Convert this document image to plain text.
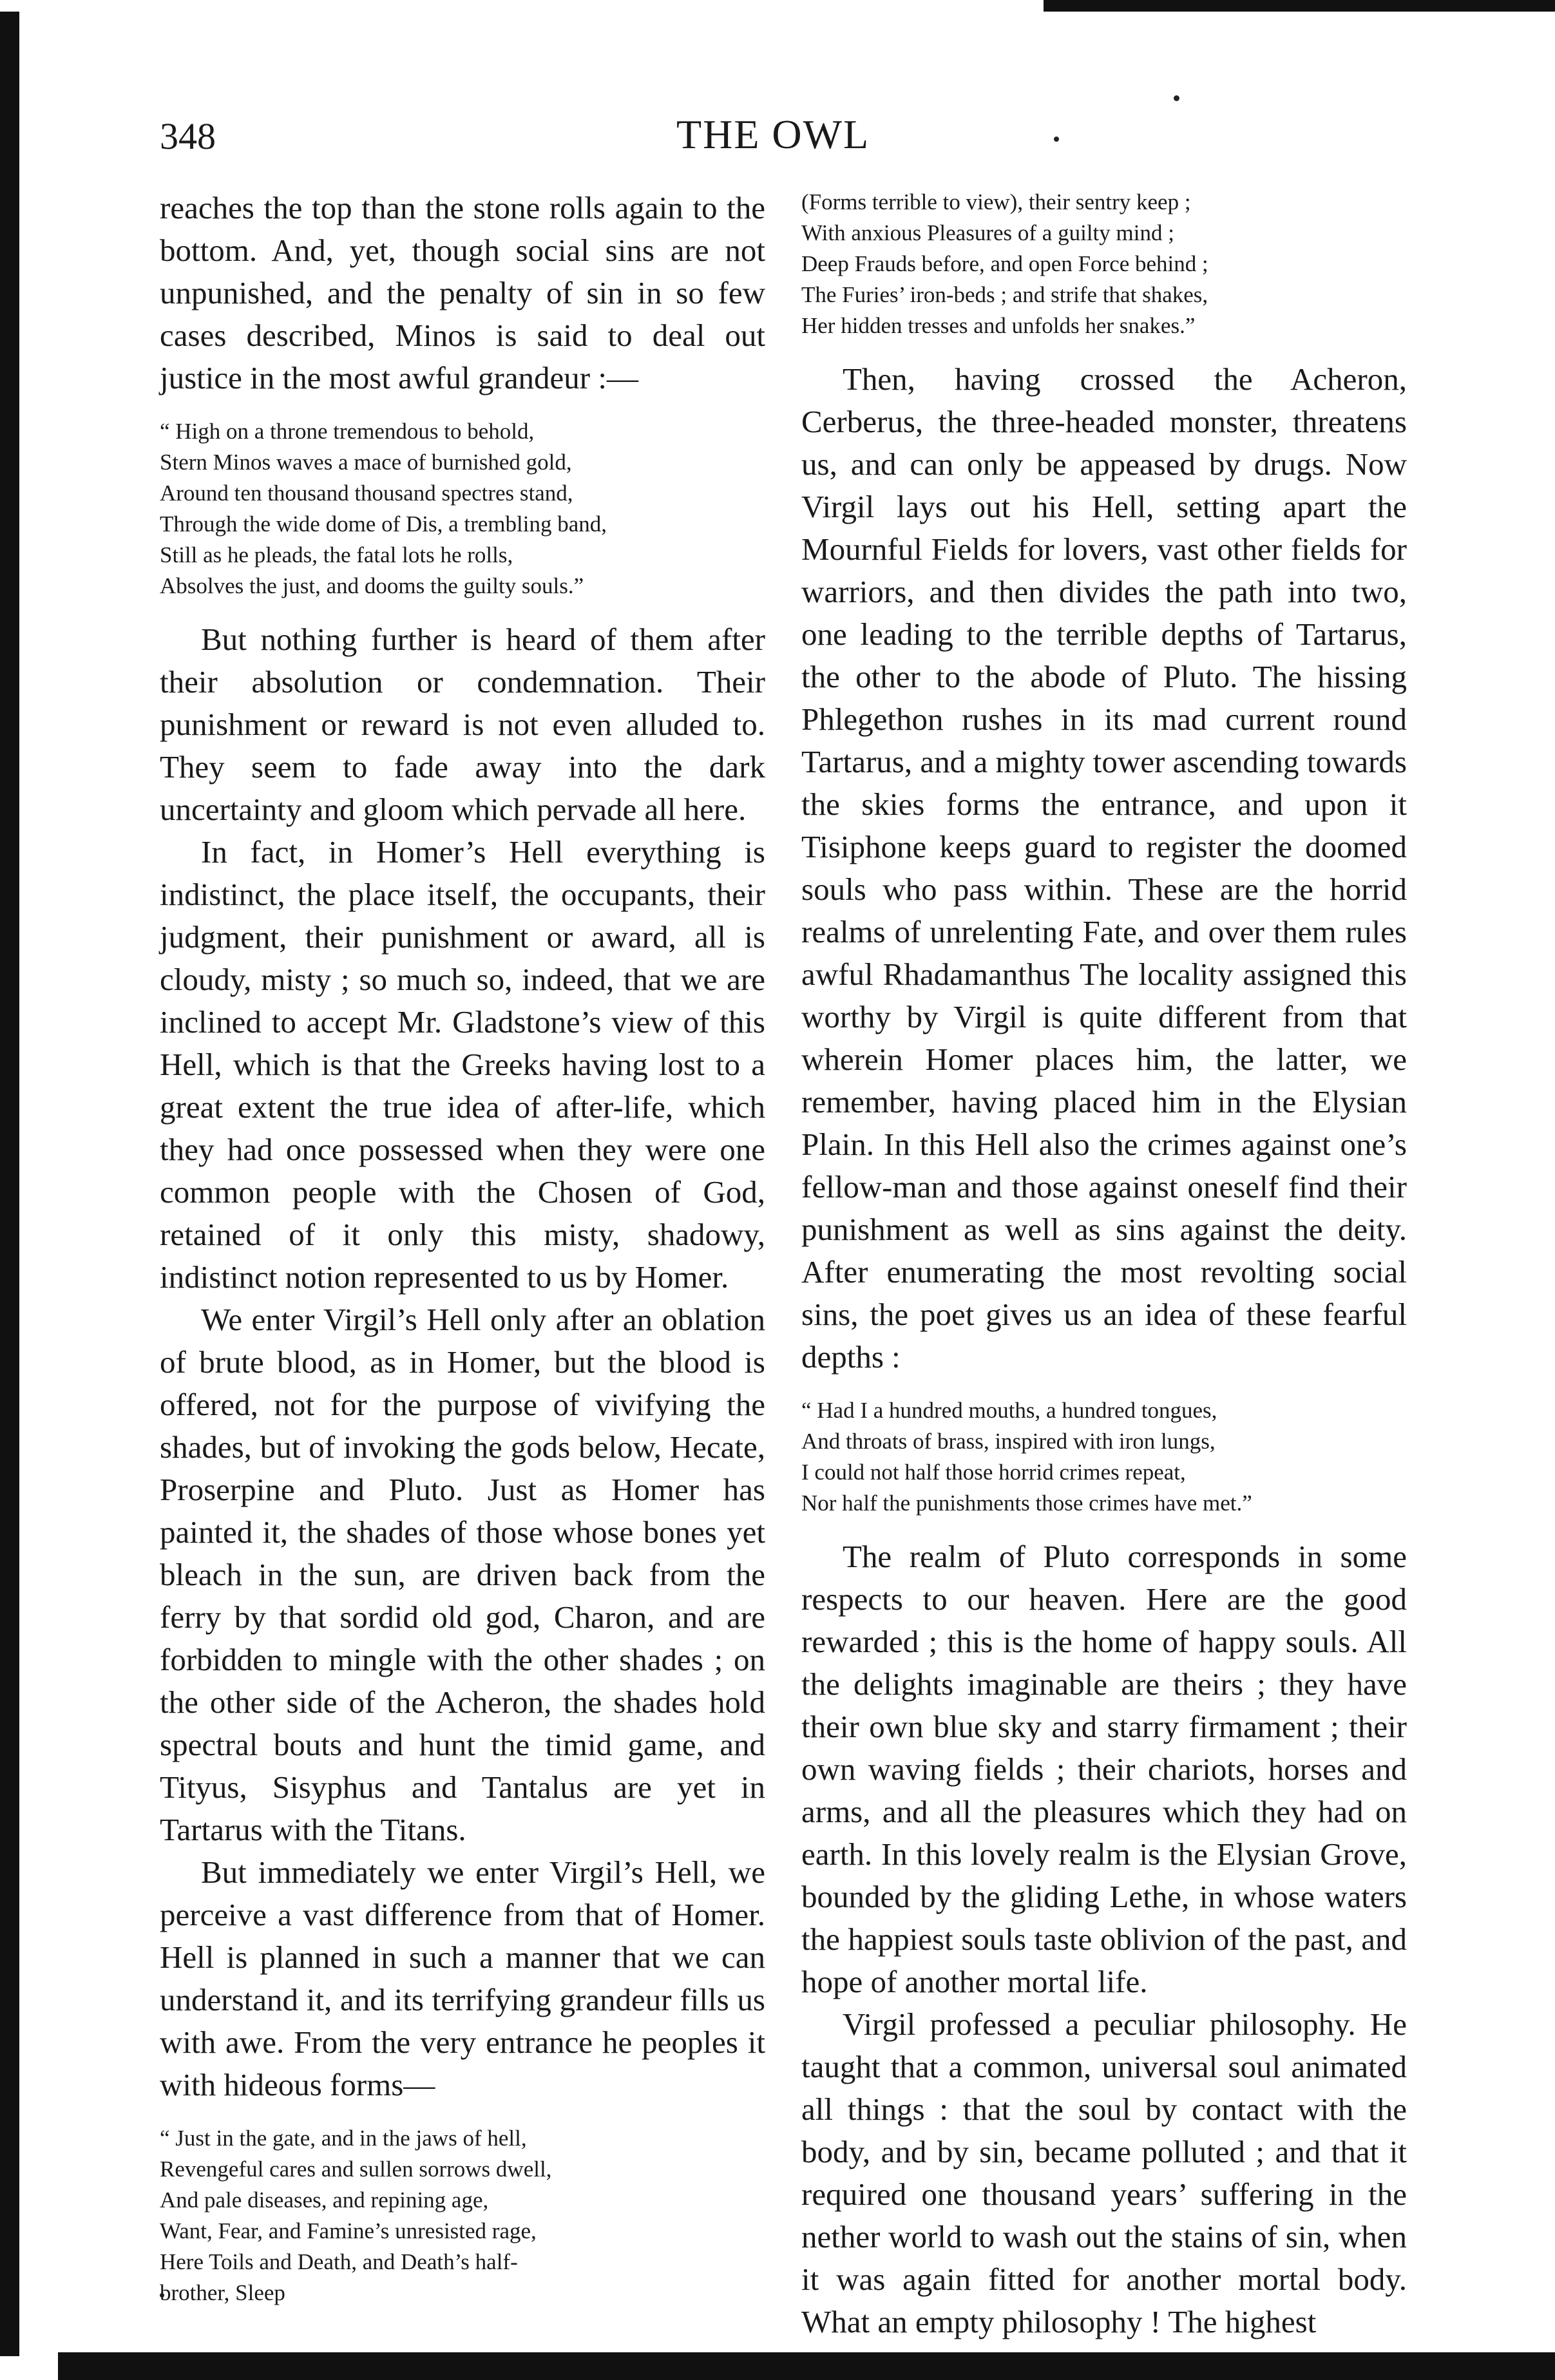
348	THE OWL

reaches the top than the stone rolls again to the bottom. And, yet, though social sins are not unpunished, and the penalty of sin in so few cases described, Minos is said to deal out justice in the most awful grandeur :—

“ High on a throne tremendous to behold,
Stern Minos waves a mace of burnished gold,
Around ten thousand thousand spectres stand,
Through the wide dome of Dis, a trembling band,
Still as he pleads, the fatal lots he rolls,
Absolves the just, and dooms the guilty souls.”

But nothing further is heard of them after their absolution or condemnation. Their punishment or reward is not even alluded to. They seem to fade away into the dark uncertainty and gloom which pervade all here.

In fact, in Homer’s Hell everything is indistinct, the place itself, the occupants, their judgment, their punishment or award, all is cloudy, misty ; so much so, indeed, that we are inclined to accept Mr. Gladstone’s view of this Hell, which is that the Greeks having lost to a great extent the true idea of after-life, which they had once possessed when they were one common people with the Chosen of God, retained of it only this misty, shadowy, indistinct notion represented to us by Homer.

We enter Virgil’s Hell only after an oblation of brute blood, as in Homer, but the blood is offered, not for the purpose of vivifying the shades, but of invoking the gods below, Hecate, Proserpine and Pluto. Just as Homer has painted it, the shades of those whose bones yet bleach in the sun, are driven back from the ferry by that sordid old god, Charon, and are forbidden to mingle with the other shades ; on the other side of the Acheron, the shades hold spectral bouts and hunt the timid game, and Tityus, Sisyphus and Tantalus are yet in Tartarus with the Titans.

But immediately we enter Virgil’s Hell, we perceive a vast difference from that of Homer. Hell is planned in such a manner that we can understand it, and its terrifying grandeur fills us with awe. From the very entrance he peoples it with hideous forms—

“ Just in the gate, and in the jaws of hell,
Revengeful cares and sullen sorrows dwell,
And pale diseases, and repining age,
Want, Fear, and Famine’s unresisted rage,
Here Toils and Death, and Death’s half-
brother, Sleep

(Forms terrible to view), their sentry keep ;
With anxious Pleasures of a guilty mind ;
Deep Frauds before, and open Force behind ;
The Furies’ iron-beds ; and strife that shakes,
Her hidden tresses and unfolds her snakes.”

Then, having crossed the Acheron, Cerberus, the three-headed monster, threatens us, and can only be appeased by drugs. Now Virgil lays out his Hell, setting apart the Mournful Fields for lovers, vast other fields for warriors, and then divides the path into two, one leading to the terrible depths of Tartarus, the other to the abode of Pluto. The hissing Phlegethon rushes in its mad current round Tartarus, and a mighty tower ascending towards the skies forms the entrance, and upon it Tisiphone keeps guard to register the doomed souls who pass within. These are the horrid realms of unrelenting Fate, and over them rules awful Rhadamanthus The locality assigned this worthy by Virgil is quite different from that wherein Homer places him, the latter, we remember, having placed him in the Elysian Plain. In this Hell also the crimes against one’s fellow-man and those against oneself find their punishment as well as sins against the deity. After enumerating the most revolting social sins, the poet gives us an idea of these fearful depths :

“ Had I a hundred mouths, a hundred tongues,
And throats of brass, inspired with iron lungs,
I could not half those horrid crimes repeat,
Nor half the punishments those crimes have met.”

The realm of Pluto corresponds in some respects to our heaven. Here are the good rewarded ; this is the home of happy souls. All the delights imaginable are theirs ; they have their own blue sky and starry firmament ; their own waving fields ; their chariots, horses and arms, and all the pleasures which they had on earth. In this lovely realm is the Elysian Grove, bounded by the gliding Lethe, in whose waters the happiest souls taste oblivion of the past, and hope of another mortal life.

Virgil professed a peculiar philosophy. He taught that a common, universal soul animated all things : that the soul by contact with the body, and by sin, became polluted ; and that it required one thousand years’ suffering in the nether world to wash out the stains of sin, when it was again fitted for another mortal body. What an empty philosophy ! The highest
